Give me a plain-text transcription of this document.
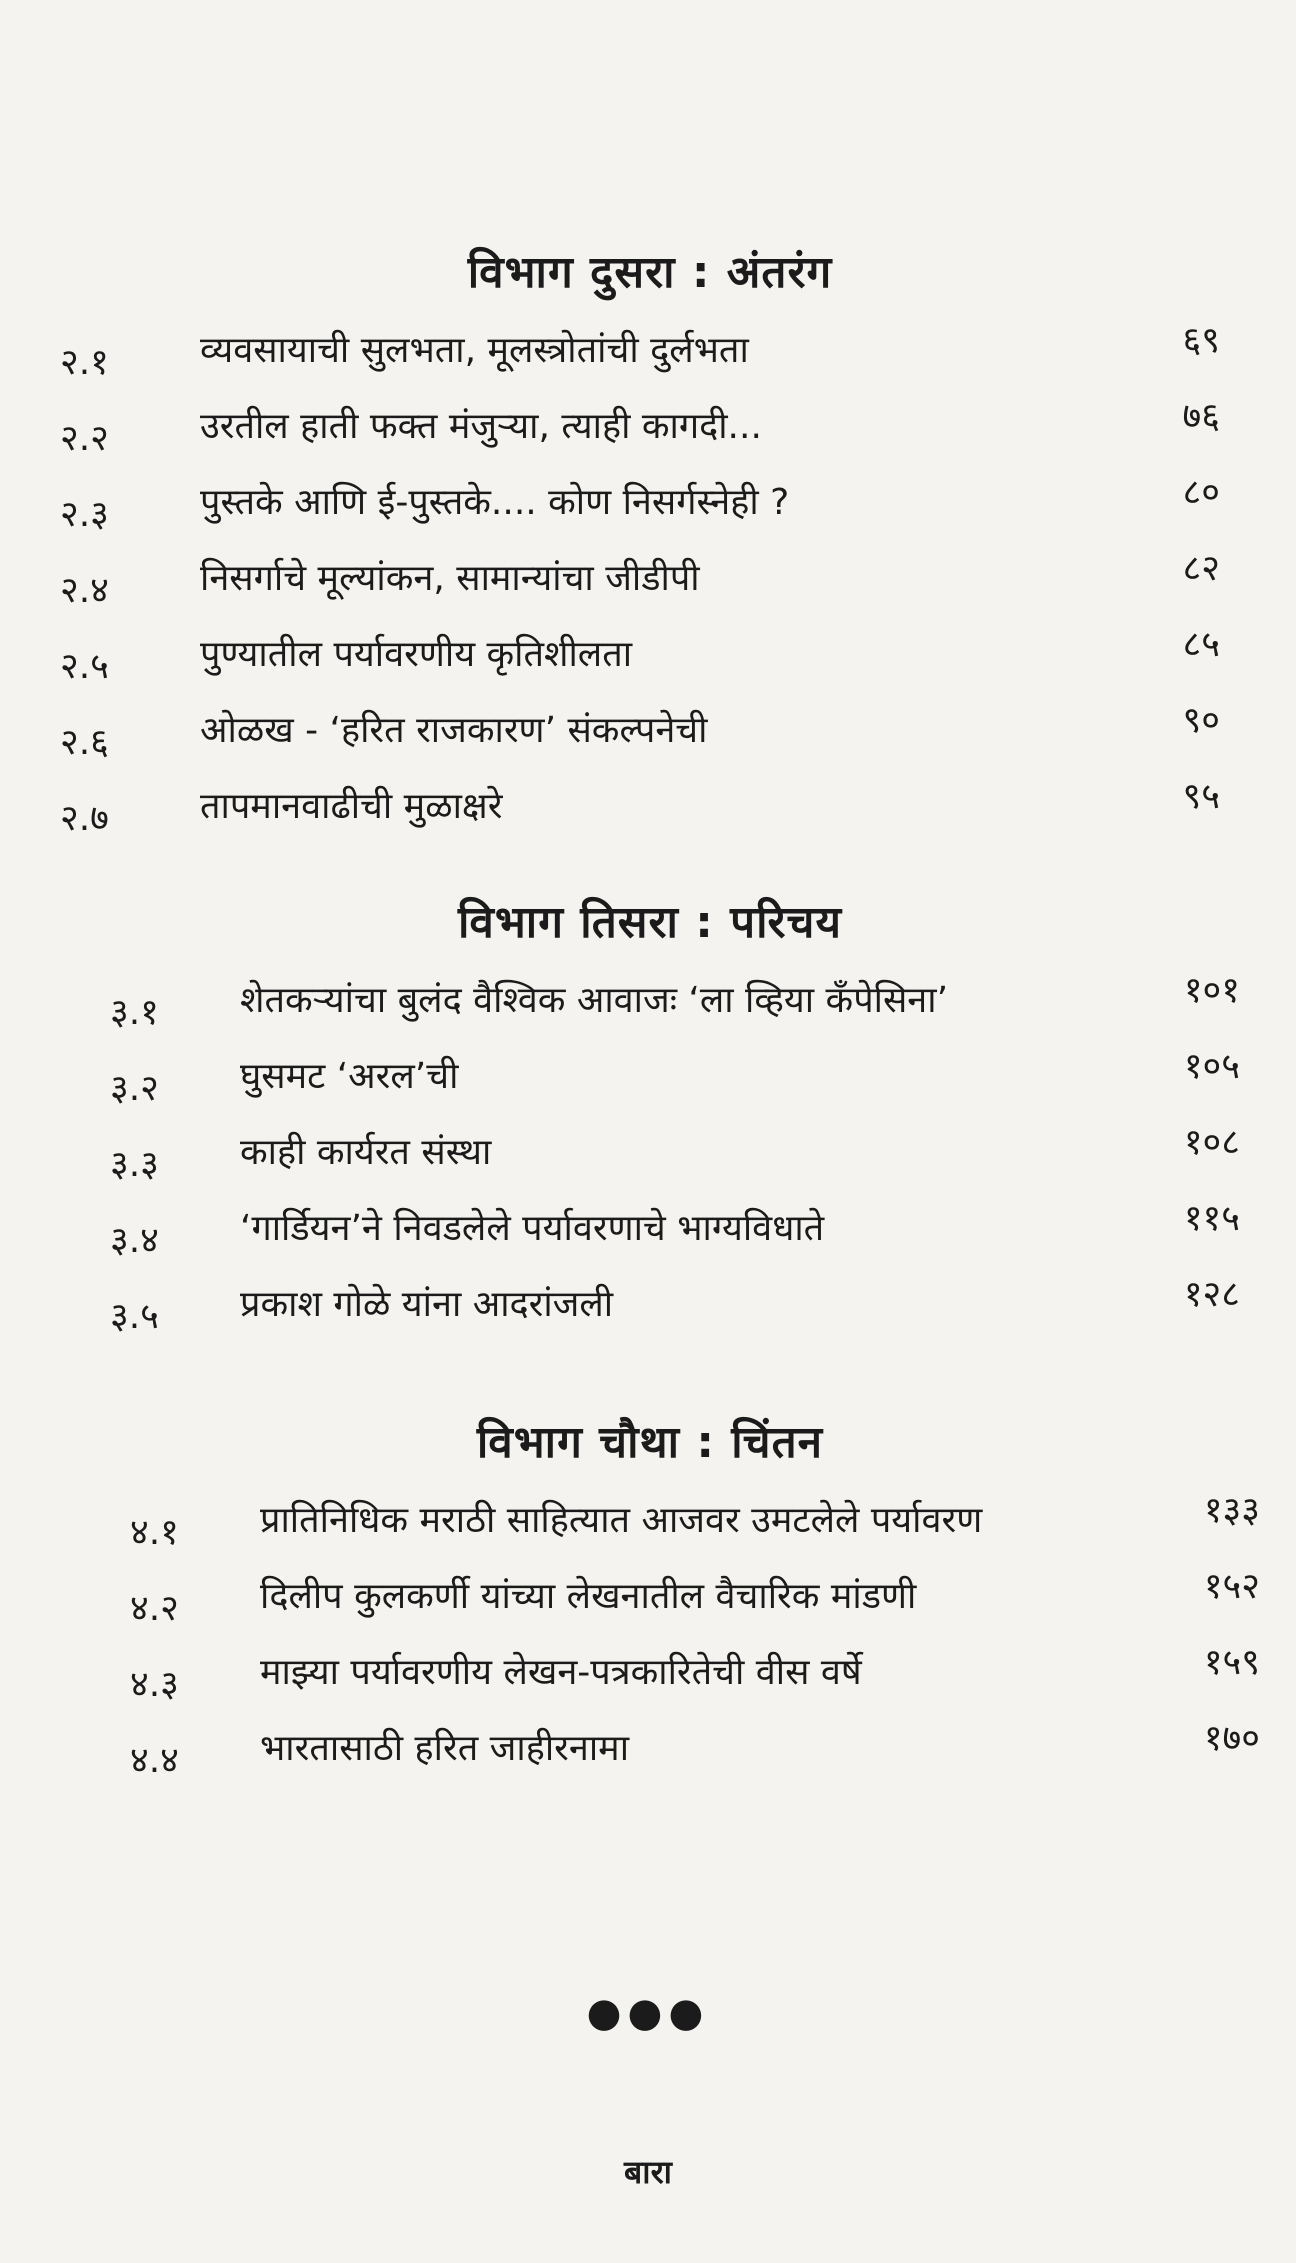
विभाग दुसरा : अंतरंग
२.१	व्यवसायाची सुलभता, मूलस्त्रोतांची दुर्लभता	६९
२.२	उरतील हाती फक्त मंजुऱ्या, त्याही कागदी...	७६
२.३	पुस्तके आणि ई-पुस्तके.... कोण निसर्गस्नेही ?	८०
२.४	निसर्गाचे मूल्यांकन, सामान्यांचा जीडीपी	८२
२.५	पुण्यातील पर्यावरणीय कृतिशीलता	८५
२.६	ओळख - ‘हरित राजकारण’ संकल्पनेची	९०
२.७	तापमानवाढीची मुळाक्षरे	९५
विभाग तिसरा : परिचय
३.१ शेतकऱ्यांचा बुलंद वैश्विक आवाजः ‘ला व्हिया कँपेसिना’	१०१
३.२ घुसमट ‘अरल’ची	१०५
३.३ काही कार्यरत संस्था	१०८
३.४ ‘गार्डियन’ने निवडलेले पर्यावरणाचे भाग्यविधाते	११५
३.५ प्रकाश गोळे यांना आदरांजली	१२८
विभाग चौथा : चिंतन
४.१ प्रातिनिधिक मराठी साहित्यात आजवर उमटलेले पर्यावरण	१३३
४.२ दिलीप कुलकर्णी यांच्या लेखनातील वैचारिक मांडणी	१५२
४.३ माझ्या पर्यावरणीय लेखन-पत्रकारितेची वीस वर्षे	१५९
४.४ भारतासाठी हरित जाहीरनामा	१७०
●●●
बारा
